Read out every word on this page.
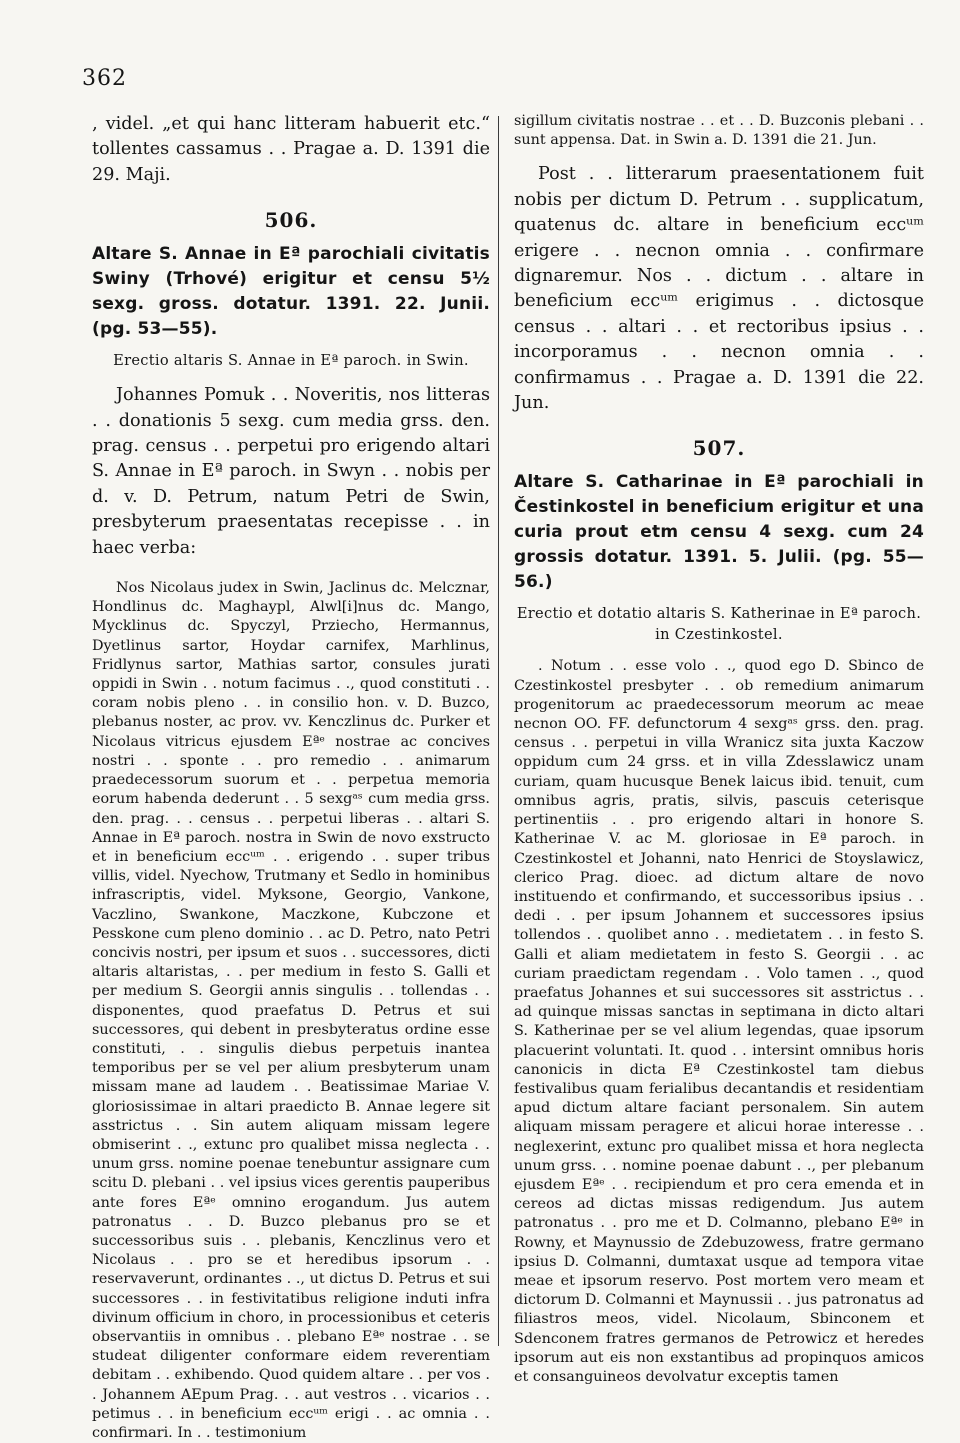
362

‚ videl. „et qui hanc litteram habuerit etc.“ tollentes cassamus . . Pragae a. D. 1391 die 29. Maji.

506.

Altare S. Annae in Eª parochiali civitatis Swiny (Trhové) erigitur et censu 5½ sexg. gross. dotatur. 1391. 22. Junii. (pg. 53—55).

Erectio altaris S. Annae in Eª paroch. in Swin.

Johannes Pomuk . . Noveritis, nos litteras . . donationis 5 sexg. cum media grss. den. prag. census . . perpetui pro erigendo altari S. Annae in Eª paroch. in Swyn . . nobis per d. v. D. Petrum, natum Petri de Swin, presbyterum praesentatas recepisse . . in haec verba:

Nos Nicolaus judex in Swin, Jaclinus dc. Melcznar, Hondlinus dc. Maghaypl, Alwl[i]nus dc. Mango, Mycklinus dc. Spyczyl, Prziecho, Hermannus, Dyetlinus sartor, Hoydar carnifex, Marhlinus, Fridlynus sartor, Mathias sartor, consules jurati oppidi in Swin . . notum facimus . ., quod constituti . . coram nobis pleno . . in consilio hon. v. D. Buzco, plebanus noster, ac prov. vv. Kenczlinus dc. Purker et Nicolaus vitricus ejusdem Eªᵉ nostrae ac concives nostri . . sponte . . pro remedio . . animarum praedecessorum suorum et . . perpetua memoria eorum habenda dederunt . . 5 sexgᵃˢ cum media grss. den. prag. . . census . . perpetui liberas . . altari S. Annae in Eª paroch. nostra in Swin de novo exstructo et in beneficium eccᵘᵐ . . erigendo . . super tribus villis, videl. Nyechow, Trutmany et Sedlo in hominibus infrascriptis, videl. Myksone, Georgio, Vankone, Vaczlino, Swankone, Maczkone, Kubczone et Pesskone cum pleno dominio . . ac D. Petro, nato Petri concivis nostri, per ipsum et suos . . successores, dicti altaris altaristas, . . per medium in festo S. Galli et per medium S. Georgii annis singulis . . tollendas . . disponentes, quod praefatus D. Petrus et sui successores, qui debent in presbyteratus ordine esse constituti, . . singulis diebus perpetuis inantea temporibus per se vel per alium presbyterum unam missam mane ad laudem . . Beatissimae Mariae V. gloriosissimae in altari praedicto B. Annae legere sit asstrictus . . Sin autem aliquam missam legere obmiserint . ., extunc pro qualibet missa neglecta . . unum grss. nomine poenae tenebuntur assignare cum scitu D. plebani . . vel ipsius vices gerentis pauperibus ante fores Eªᵉ omnino erogandum. Jus autem patronatus . . D. Buzco plebanus pro se et successoribus suis . . plebanis, Kenczlinus vero et Nicolaus . . pro se et heredibus ipsorum . . reservaverunt, ordinantes . ., ut dictus D. Petrus et sui successores . . in festivitatibus religione induti infra divinum officium in choro, in processionibus et ceteris observantiis in omnibus . . plebano Eªᵉ nostrae . . se studeat diligenter conformare eidem reverentiam debitam . . exhibendo. Quod quidem altare . . per vos . . Johannem AEpum Prag. . . aut vestros . . vicarios . . petimus . . in beneficium eccᵘᵐ erigi . . ac omnia . . confirmari. In . . testimonium

sigillum civitatis nostrae . . et . . D. Buzconis plebani . . sunt appensa. Dat. in Swin a. D. 1391 die 21. Jun.

Post . . litterarum praesentationem fuit nobis per dictum D. Petrum . . supplicatum, quatenus dc. altare in beneficium eccᵘᵐ erigere . . necnon omnia . . confirmare dignaremur. Nos . . dictum . . altare in beneficium eccᵘᵐ erigimus . . dictosque census . . altari . . et rectoribus ipsius . . incorporamus . . necnon omnia . . confirmamus . . Pragae a. D. 1391 die 22. Jun.

507.

Altare S. Catharinae in Eª parochiali in Čestinkostel in beneficium erigitur et una curia prout etm censu 4 sexg. cum 24 grossis dotatur. 1391. 5. Julii. (pg. 55—56.)

Erectio et dotatio altaris S. Katherinae in Eª paroch. in Czestinkostel.

. Notum . . esse volo . ., quod ego D. Sbinco de Czestinkostel presbyter . . ob remedium animarum progenitorum ac praedecessorum meorum ac meae necnon OO. FF. defunctorum 4 sexgᵃˢ grss. den. prag. census . . perpetui in villa Wranicz sita juxta Kaczow oppidum cum 24 grss. et in villa Zdesslawicz unam curiam, quam hucusque Benek laicus ibid. tenuit, cum omnibus agris, pratis, silvis, pascuis ceterisque pertinentiis . . pro erigendo altari in honore S. Katherinae V. ac M. gloriosae in Eª paroch. in Czestinkostel et Johanni, nato Henrici de Stoyslawicz, clerico Prag. dioec. ad dictum altare de novo instituendo et confirmando, et successoribus ipsius . . dedi . . per ipsum Johannem et successores ipsius tollendos . . quolibet anno . . medietatem . . in festo S. Galli et aliam medietatem in festo S. Georgii . . ac curiam praedictam regendam . . Volo tamen . ., quod praefatus Johannes et sui successores sit asstrictus . . ad quinque missas sanctas in septimana in dicto altari S. Katherinae per se vel alium legendas, quae ipsorum placuerint voluntati. It. quod . . intersint omnibus horis canonicis in dicta Eª Czestinkostel tam diebus festivalibus quam ferialibus decantandis et residentiam apud dictum altare faciant personalem. Sin autem aliquam missam peragere et alicui horae interesse . . neglexerint, extunc pro qualibet missa et hora neglecta unum grss. . . nomine poenae dabunt . ., per plebanum ejusdem Eªᵉ . . recipiendum et pro cera emenda et in cereos ad dictas missas redigendum. Jus autem patronatus . . pro me et D. Colmanno, plebano Eªᵉ in Rowny, et Maynussio de Zdebuzowess, fratre germano ipsius D. Colmanni, dumtaxat usque ad tempora vitae meae et ipsorum reservo. Post mortem vero meam et dictorum D. Colmanni et Maynussii . . jus patronatus ad filiastros meos, videl. Nicolaum, Sbinconem et Sdenconem fratres germanos de Petrowicz et heredes ipsorum aut eis non exstantibus ad propinquos amicos et consanguineos devolvatur exceptis tamen
